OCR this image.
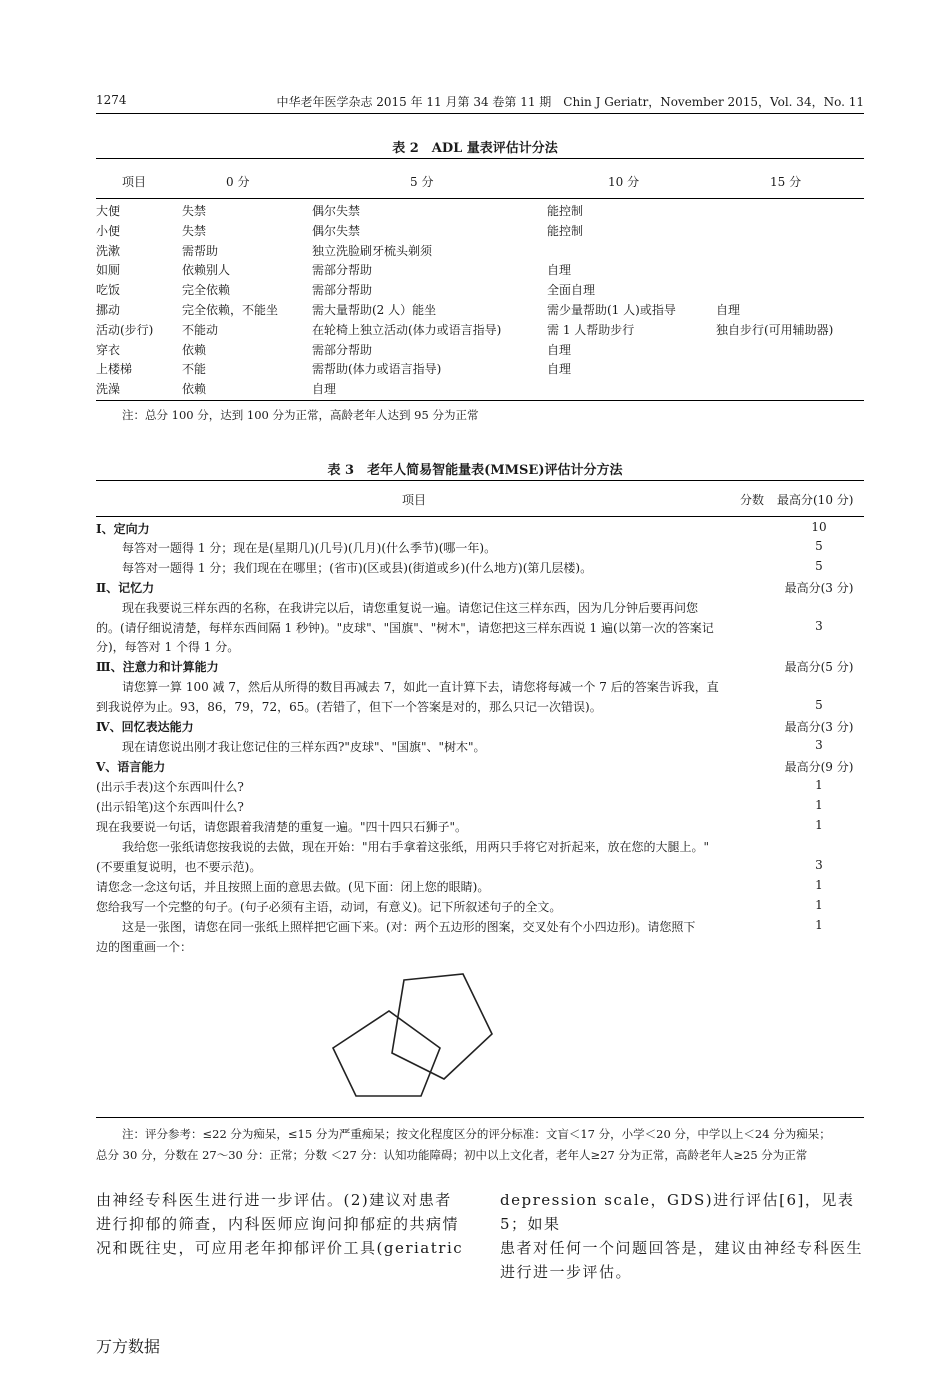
1274	中华老年医学杂志 2015 年 11 月第 34 卷第 11 期　Chin J Geriatr，November 2015，Vol. 34，No. 11
表 2　ADL 量表评估计分法
项目	0 分	5 分	10 分	15 分
大便	失禁	偶尔失禁	能控制
小便	失禁	偶尔失禁	能控制
洗漱	需帮助	独立洗脸刷牙梳头剃须
如厕	依赖别人	需部分帮助	自理
吃饭	完全依赖	需部分帮助	全面自理
挪动	完全依赖，不能坐	需大量帮助(2 人）能坐	需少量帮助(1 人)或指导	自理
活动(步行) 不能动	在轮椅上独立活动(体力或语言指导)	需 1 人帮助步行	独自步行(可用辅助器)
穿衣	依赖	需部分帮助	自理
上楼梯	不能	需帮助(体力或语言指导)	自理
洗澡	依赖	自理
注：总分 100 分，达到 100 分为正常，高龄老年人达到 95 分为正常
表 3　老年人简易智能量表(MMSE)评估计分方法
项目	分数 最高分(10 分)
Ⅰ、定向力	10
每答对一题得 1 分；现在是(星期几)(几号)(几月)(什么季节)(哪一年)。	5
每答对一题得 1 分；我们现在在哪里；(省市)(区或县)(街道或乡)(什么地方)(第几层楼)。	5
Ⅱ、记忆力	最高分(3 分)
现在我要说三样东西的名称，在我讲完以后，请您重复说一遍。请您记住这三样东西，因为几分钟后要再问您
的。(请仔细说清楚，每样东西间隔 1 秒钟)。"皮球"、"国旗"、"树木"，请您把这三样东西说 1 遍(以第一次的答案记	3
分)，每答对 1 个得 1 分。
Ⅲ、注意力和计算能力	最高分(5 分)
请您算一算 100 减 7，然后从所得的数目再减去 7，如此一直计算下去，请您将每减一个 7 后的答案告诉我，直
到我说停为止。93，86，79，72，65。(若错了，但下一个答案是对的，那么只记一次错误)。	5
Ⅳ、回忆表达能力	最高分(3 分)
现在请您说出刚才我让您记住的三样东西?"皮球"、"国旗"、"树木"。	3
Ⅴ、语言能力	最高分(9 分)
(出示手表)这个东西叫什么?	1
(出示铅笔)这个东西叫什么?	1
现在我要说一句话，请您跟着我清楚的重复一遍。"四十四只石狮子"。	1
我给您一张纸请您按我说的去做，现在开始："用右手拿着这张纸，用两只手将它对折起来，放在您的大腿上。"
(不要重复说明，也不要示范)。	3
请您念一念这句话，并且按照上面的意思去做。(见下面：闭上您的眼睛)。	1
您给我写一个完整的句子。(句子必须有主语，动词，有意义)。记下所叙述句子的全文。	1
这是一张图，请您在同一张纸上照样把它画下来。(对：两个五边形的图案，交叉处有个小四边形)。请您照下	1
边的图重画一个：
注：评分参考：≤22 分为痴呆，≤15 分为严重痴呆；按文化程度区分的评分标准：文盲＜17 分，小学＜20 分，中学以上＜24 分为痴呆；
总分 30 分，分数在 27～30 分：正常；分数 ＜27 分：认知功能障碍；初中以上文化者，老年人≥27 分为正常，高龄老年人≥25 分为正常
由神经专科医生进行进一步评估。(2)建议对患者
进行抑郁的筛查，内科医师应询问抑郁症的共病情
况和既往史，可应用老年抑郁评价工具(geriatric
depression scale，GDS)进行评估[6]，见表 5；如果
患者对任何一个问题回答是，建议由神经专科医生
进行进一步评估。
万方数据
